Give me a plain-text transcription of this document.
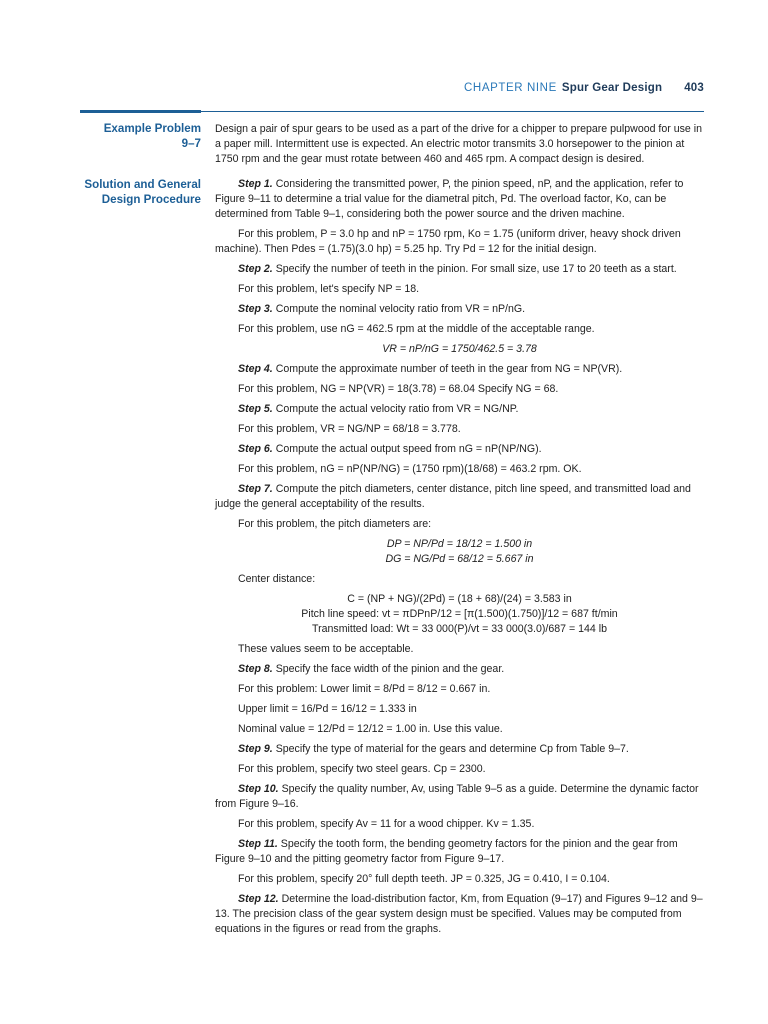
CHAPTER NINE Spur Gear Design 403
Example Problem
9–7

Design a pair of spur gears to be used as a part of the drive for a chipper to prepare pulpwood for use in a paper mill. Intermittent use is expected. An electric motor transmits 3.0 horsepower to the pinion at 1750 rpm and the gear must rotate between 460 and 465 rpm. A compact design is desired.

Solution and General
Design Procedure

Step 1. Considering the transmitted power, P, the pinion speed, nP, and the application, refer to Figure 9–11 to determine a trial value for the diametral pitch, Pd. The overload factor, Ko, can be determined from Table 9–1, considering both the power source and the driven machine.

For this problem, P = 3.0 hp and nP = 1750 rpm, Ko = 1.75 (uniform driver, heavy shock driven machine). Then Pdes = (1.75)(3.0 hp) = 5.25 hp. Try Pd = 12 for the initial design.

Step 2. Specify the number of teeth in the pinion. For small size, use 17 to 20 teeth as a start.

For this problem, let's specify NP = 18.

Step 3. Compute the nominal velocity ratio from VR = nP/nG.

For this problem, use nG = 462.5 rpm at the middle of the acceptable range.

VR = nP/nG = 1750/462.5 = 3.78

Step 4. Compute the approximate number of teeth in the gear from NG = NP(VR).

For this problem, NG = NP(VR) = 18(3.78) = 68.04 Specify NG = 68.

Step 5. Compute the actual velocity ratio from VR = NG/NP.

For this problem, VR = NG/NP = 68/18 = 3.778.

Step 6. Compute the actual output speed from nG = nP(NP/NG).

For this problem, nG = nP(NP/NG) = (1750 rpm)(18/68) = 463.2 rpm. OK.

Step 7. Compute the pitch diameters, center distance, pitch line speed, and transmitted load and judge the general acceptability of the results.

For this problem, the pitch diameters are:

DP = NP/Pd = 18/12 = 1.500 in
DG = NG/Pd = 68/12 = 5.667 in

Center distance:

C = (NP + NG)/(2Pd) = (18 + 68)/(24) = 3.583 in
Pitch line speed: vt = πDPnP/12 = [π(1.500)(1.750)]/12 = 687 ft/min
Transmitted load: Wt = 33 000(P)/vt = 33 000(3.0)/687 = 144 lb

These values seem to be acceptable.

Step 8. Specify the face width of the pinion and the gear.

For this problem: Lower limit = 8/Pd = 8/12 = 0.667 in.

Upper limit = 16/Pd = 16/12 = 1.333 in

Nominal value = 12/Pd = 12/12 = 1.00 in. Use this value.

Step 9. Specify the type of material for the gears and determine Cp from Table 9–7.

For this problem, specify two steel gears. Cp = 2300.

Step 10. Specify the quality number, Av, using Table 9–5 as a guide. Determine the dynamic factor from Figure 9–16.

For this problem, specify Av = 11 for a wood chipper. Kv = 1.35.

Step 11. Specify the tooth form, the bending geometry factors for the pinion and the gear from Figure 9–10 and the pitting geometry factor from Figure 9–17.

For this problem, specify 20° full depth teeth. JP = 0.325, JG = 0.410, I = 0.104.

Step 12. Determine the load-distribution factor, Km, from Equation (9–17) and Figures 9–12 and 9–13. The precision class of the gear system design must be specified. Values may be computed from equations in the figures or read from the graphs.
